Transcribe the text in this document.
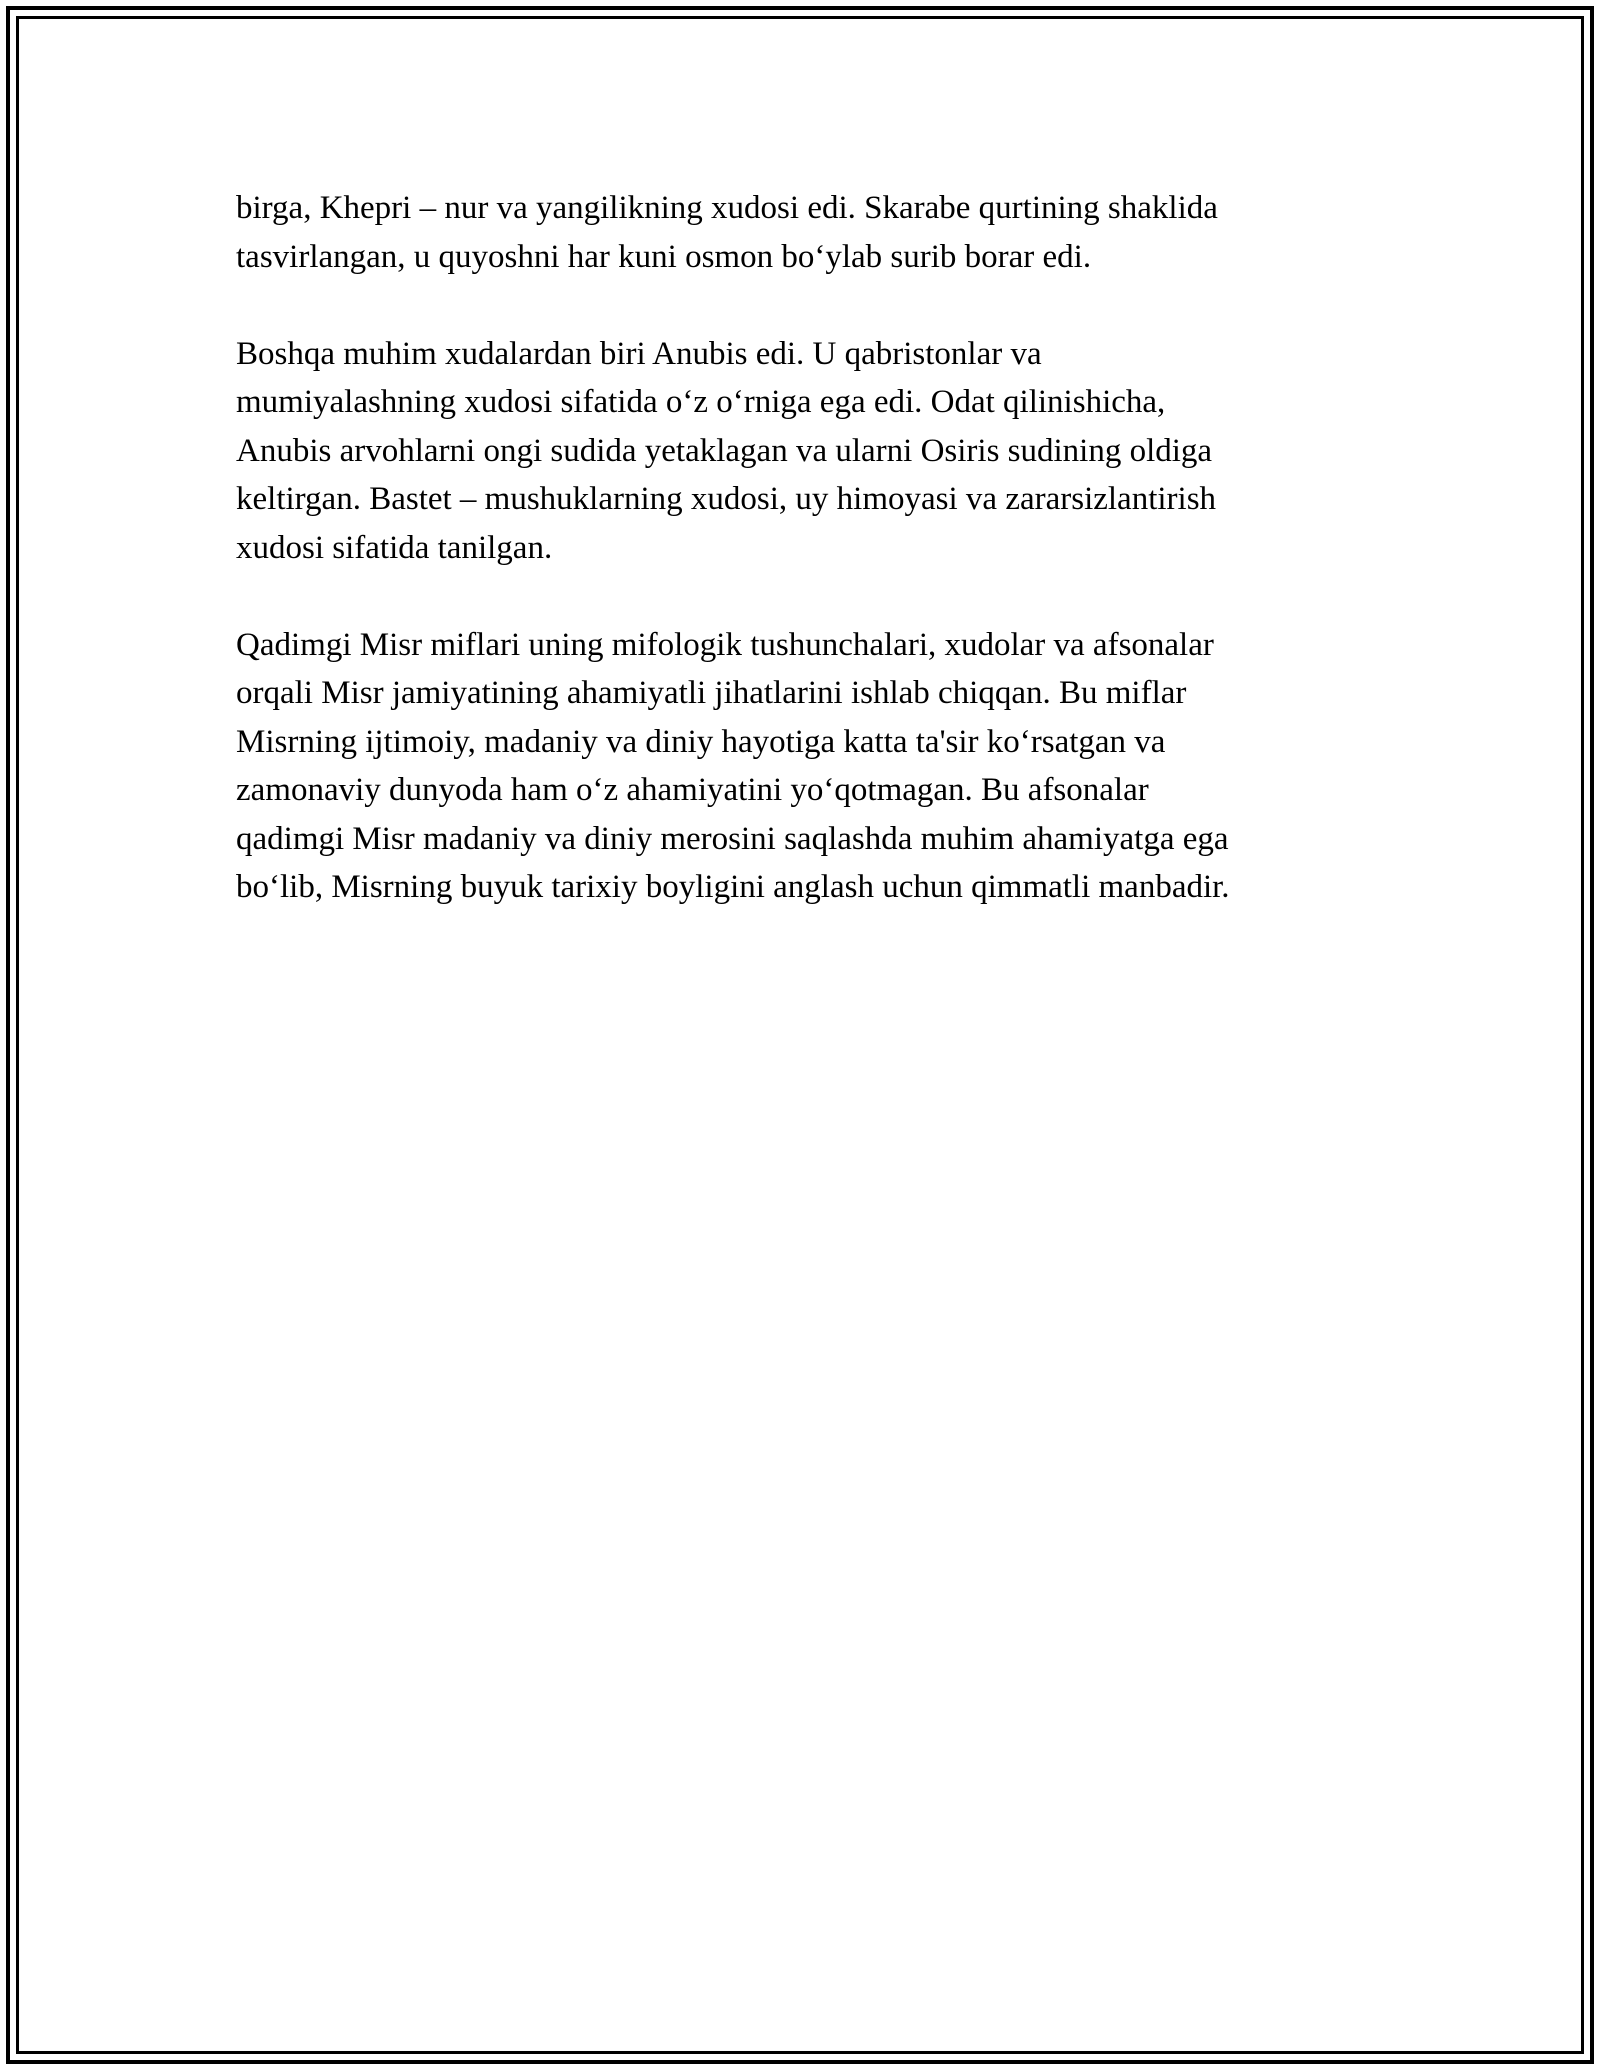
birga, Khepri – nur va yangilikning xudosi edi. Skarabe qurtining shaklida
tasvirlangan, u quyoshni har kuni osmon bo‘ylab surib borar edi.

Boshqa muhim xudalardan biri Anubis edi. U qabristonlar va
mumiyalashning xudosi sifatida o‘z o‘rniga ega edi. Odat qilinishicha,
Anubis arvohlarni ongi sudida yetaklagan va ularni Osiris sudining oldiga
keltirgan. Bastet – mushuklarning xudosi, uy himoyasi va zararsizlantirish
xudosi sifatida tanilgan.

Qadimgi Misr miflari uning mifologik tushunchalari, xudolar va afsonalar
orqali Misr jamiyatining ahamiyatli jihatlarini ishlab chiqqan. Bu miflar
Misrning ijtimoiy, madaniy va diniy hayotiga katta ta'sir ko‘rsatgan va
zamonaviy dunyoda ham o‘z ahamiyatini yo‘qotmagan. Bu afsonalar
qadimgi Misr madaniy va diniy merosini saqlashda muhim ahamiyatga ega
bo‘lib, Misrning buyuk tarixiy boyligini anglash uchun qimmatli manbadir.
